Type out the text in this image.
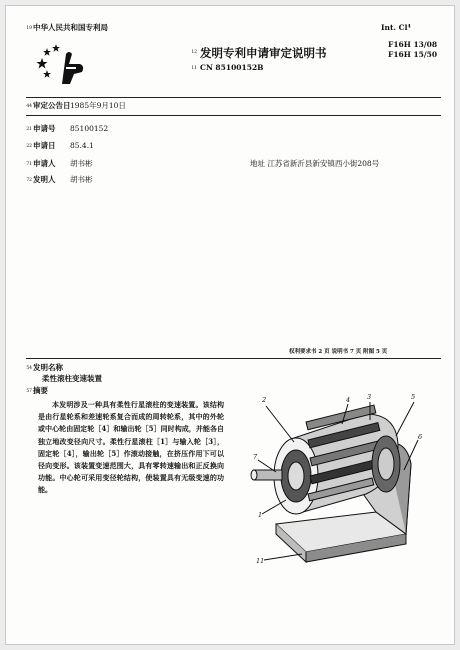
19 中华人民共和国专利局
12 发明专利申请审定说明书
11 CN 85100152B
Int. Cl⁴
F16H 13/08
F16H 15/50
44 审定公告日 1985年9月10日
21 申请号 85100152
22 申请日 85.4.1
71 申请人 胡书彬	地址 江苏省新沂县新安镇西小街208号
72 发明人 胡书彬
权利要求书 2 页 说明书 7 页 附图 5 页
54 发明名称
柔性滚柱变速装置
57 摘要
本发明涉及一种具有柔性行星滚柱的变速装置。该结构是由行星轮系和差速轮系复合而成的周转轮系，其中的外轮或中心轮由固定轮［4］和输出轮［5］同时构成，并能各自独立地改变径向尺寸。柔性行星滚柱［1］与输入轮［3］，固定轮［4］，输出轮［5］作滚动接触，在挤压作用下可以径向变形。该装置变速范围大，具有零转速输出和正反换向功能。中心轮可采用变径轮结构，使装置具有无级变速的功能。
2	4	3	5
7
6
1
11
